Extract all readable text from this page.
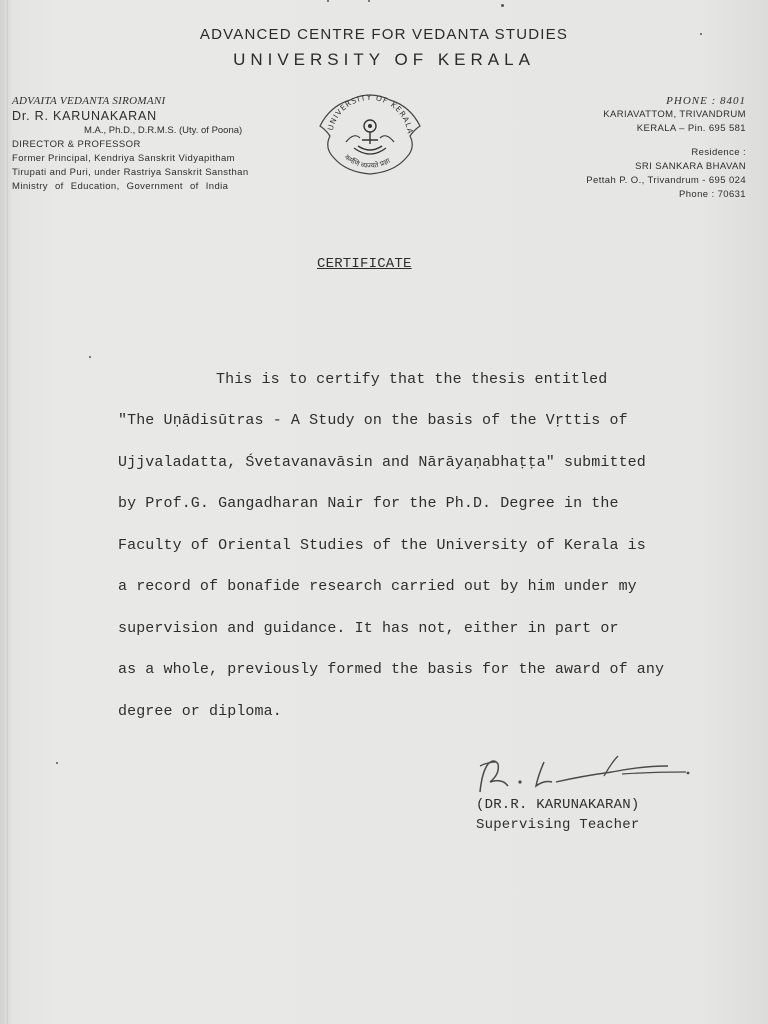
ADVANCED CENTRE FOR VEDANTA STUDIES
UNIVERSITY OF KERALA
ADVAITA VEDANTA SIROMANI
Dr. R. KARUNAKARAN
M.A., Ph.D., D.R.M.S. (Uty. of Poona)
DIRECTOR & PROFESSOR
Former Principal, Kendriya Sanskrit Vidyapitham
Tirupati and Puri, under Rastriya Sanskrit Sansthan
Ministry of Education, Government of India
UNIVERSITY OF KERALA
कर्मणि व्यज्यते प्रज्ञा
PHONE : 8401
KARIAVATTOM, TRIVANDRUM
KERALA – Pin. 695 581
Residence :
SRI SANKARA BHAVAN
Pettah P. O., Trivandrum - 695 024
Phone : 70631
CERTIFICATE
This is to certify that the thesis entitled
"The Uṇādisūtras - A Study on the basis of the Vṛttis of
Ujjvaladatta, Śvetavanavāsin and Nārāyaṇabhaṭṭa" submitted
by Prof.G. Gangadharan Nair for the Ph.D. Degree in the
Faculty of Oriental Studies of the University of Kerala is
a record of bonafide research carried out by him under my
supervision and guidance. It has not, either in part or
as a whole, previously formed the basis for the award of any
degree or diploma.
(DR.R. KARUNAKARAN)
Supervising Teacher
